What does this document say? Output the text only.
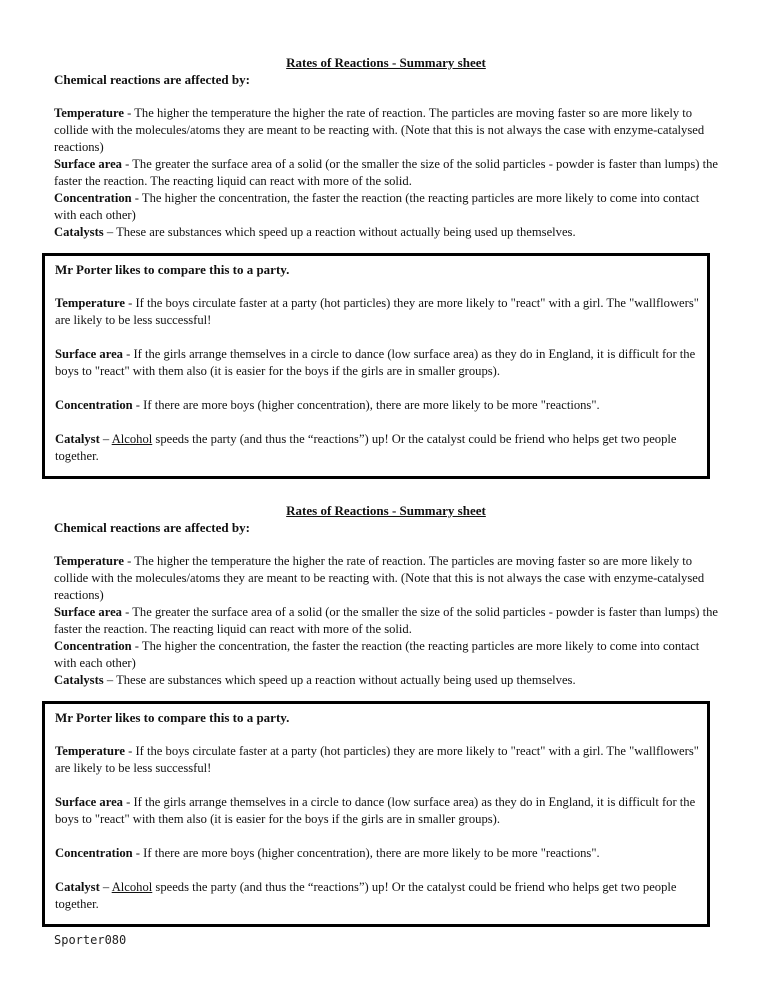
Rates of Reactions - Summary sheet
Chemical reactions are affected by:

Temperature - The higher the temperature the higher the rate of reaction. The particles are moving faster so are more likely to collide with the molecules/atoms they are meant to be reacting with. (Note that this is not always the case with enzyme-catalysed reactions)

Surface area - The greater the surface area of a solid (or the smaller the size of the solid particles - powder is faster than lumps) the faster the reaction. The reacting liquid can react with more of the solid.

Concentration - The higher the concentration, the faster the reaction (the reacting particles are more likely to come into contact with each other)

Catalysts – These are substances which speed up a reaction without actually being used up themselves.

Mr Porter likes to compare this to a party.

Temperature - If the boys circulate faster at a party (hot particles) they are more likely to "react" with a girl. The "wallflowers" are likely to be less successful!

Surface area - If the girls arrange themselves in a circle to dance (low surface area) as they do in England, it is difficult for the boys to "react" with them also (it is easier for the boys if the girls are in smaller groups).

Concentration - If there are more boys (higher concentration), there are more likely to be more "reactions".

Catalyst – Alcohol speeds the party (and thus the “reactions”) up! Or the catalyst could be friend who helps get two people together.

Rates of Reactions - Summary sheet
Chemical reactions are affected by:

Temperature - The higher the temperature the higher the rate of reaction. The particles are moving faster so are more likely to collide with the molecules/atoms they are meant to be reacting with. (Note that this is not always the case with enzyme-catalysed reactions)

Surface area - The greater the surface area of a solid (or the smaller the size of the solid particles - powder is faster than lumps) the faster the reaction. The reacting liquid can react with more of the solid.

Concentration - The higher the concentration, the faster the reaction (the reacting particles are more likely to come into contact with each other)

Catalysts – These are substances which speed up a reaction without actually being used up themselves.

Mr Porter likes to compare this to a party.

Temperature - If the boys circulate faster at a party (hot particles) they are more likely to "react" with a girl. The "wallflowers" are likely to be less successful!

Surface area - If the girls arrange themselves in a circle to dance (low surface area) as they do in England, it is difficult for the boys to "react" with them also (it is easier for the boys if the girls are in smaller groups).

Concentration - If there are more boys (higher concentration), there are more likely to be more "reactions".

Catalyst – Alcohol speeds the party (and thus the “reactions”) up! Or the catalyst could be friend who helps get two people together.

Sporter080
